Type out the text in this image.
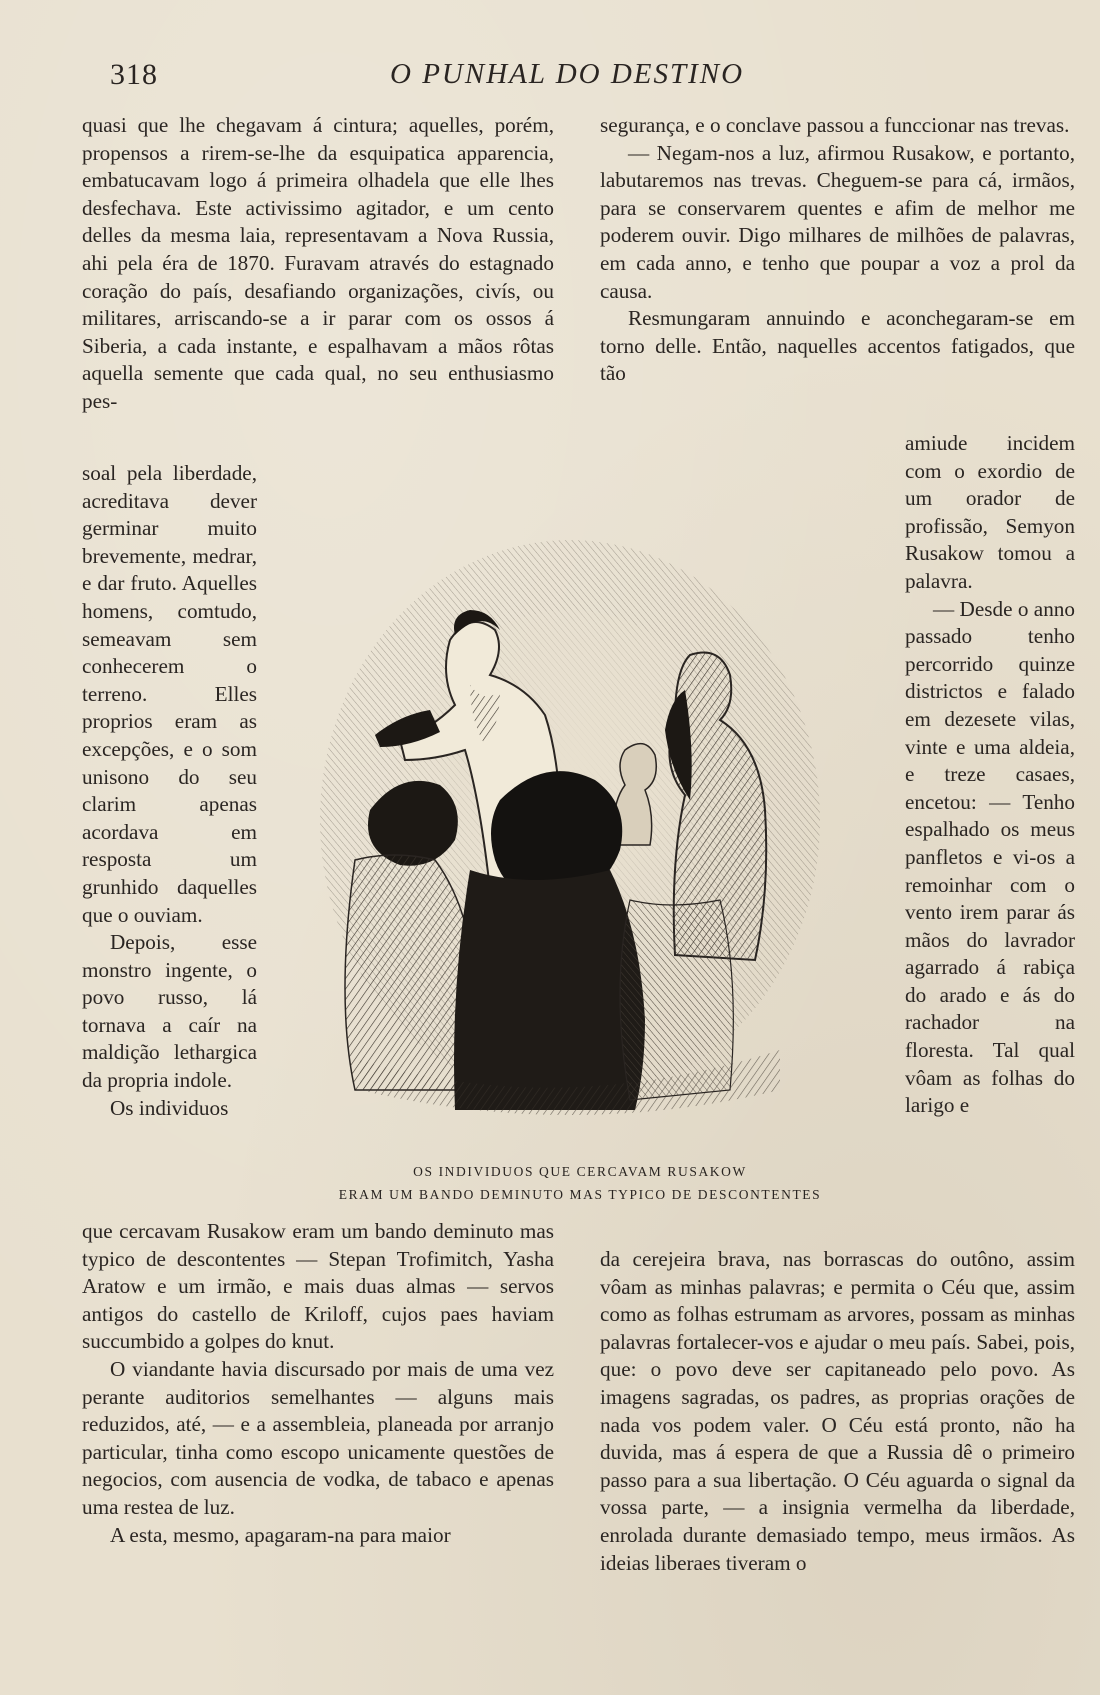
318	O PUNHAL DO DESTINO

quasi que lhe chegavam á cintura; aquelles, porém, propensos a rirem-se-lhe da esquipatica apparencia, embatucavam logo á primeira olhadela que elle lhes desfechava. Este activissimo agitador, e um cento delles da mesma laia, representavam a Nova Russia, ahi pela éra de 1870. Furavam através do estagnado coração do país, desafiando organizações, civís, ou militares, arriscando-se a ir parar com os ossos á Siberia, a cada instante, e espalhavam a mãos rôtas aquella semente que cada qual, no seu enthusiasmo pes-

soal pela liberdade, acreditava dever germinar muito brevemente, medrar, e dar fruto. Aquelles homens, comtudo, semeavam sem conhecerem o terreno. Elles proprios eram as excepções, e o som unisono do seu clarim apenas acordava em resposta um grunhido daquelles que o ouviam.

Depois, esse monstro ingente, o povo russo, lá tornava a caír na maldição lethargica da propria indole.

Os individuos

que cercavam Rusakow eram um bando deminuto mas typico de descontentes — Stepan Trofimitch, Yasha Aratow e um irmão, e mais duas almas — servos antigos do castello de Kriloff, cujos paes haviam succumbido a golpes do knut.

O viandante havia discursado por mais de uma vez perante auditorios semelhantes — alguns mais reduzidos, até, — e a assembleia, planeada por arranjo particular, tinha como escopo unicamente questões de negocios, com ausencia de vodka, de tabaco e apenas uma restea de luz.

A esta, mesmo, apagaram-na para maior

segurança, e o conclave passou a funccionar nas trevas.

— Negam-nos a luz, afirmou Rusakow, e portanto, labutaremos nas trevas. Cheguem-se para cá, irmãos, para se conservarem quentes e afim de melhor me poderem ouvir. Digo milhares de milhões de palavras, em cada anno, e tenho que poupar a voz a prol da causa.

Resmungaram annuindo e aconchegaram-se em torno delle. Então, naquelles accentos fatigados, que tão

amiude incidem com o exordio de um orador de profissão, Semyon Rusakow tomou a palavra.

— Desde o anno passado tenho percorrido quinze districtos e falado em dezesete vilas, vinte e uma aldeia, e treze casaes, encetou: — Tenho espalhado os meus panfletos e vi-os a remoinhar com o vento irem parar ás mãos do lavrador agarrado á rabiça do arado e ás do rachador na floresta. Tal qual vôam as folhas do larigo e

da cerejeira brava, nas borrascas do outôno, assim vôam as minhas palavras; e permita o Céu que, assim como as folhas estrumam as arvores, possam as minhas palavras fortalecer-vos e ajudar o meu país. Sabei, pois, que: o povo deve ser capitaneado pelo povo. As imagens sagradas, os padres, as proprias orações de nada vos podem valer. O Céu está pronto, não ha duvida, mas á espera de que a Russia dê o primeiro passo para a sua libertação. O Céu aguarda o signal da vossa parte, — a insignia vermelha da liberdade, enrolada durante demasiado tempo, meus irmãos. As ideias liberaes tiveram o

OS INDIVIDUOS QUE CERCAVAM RUSAKOW
ERAM UM BANDO DEMINUTO MAS TYPICO DE DESCONTENTES
